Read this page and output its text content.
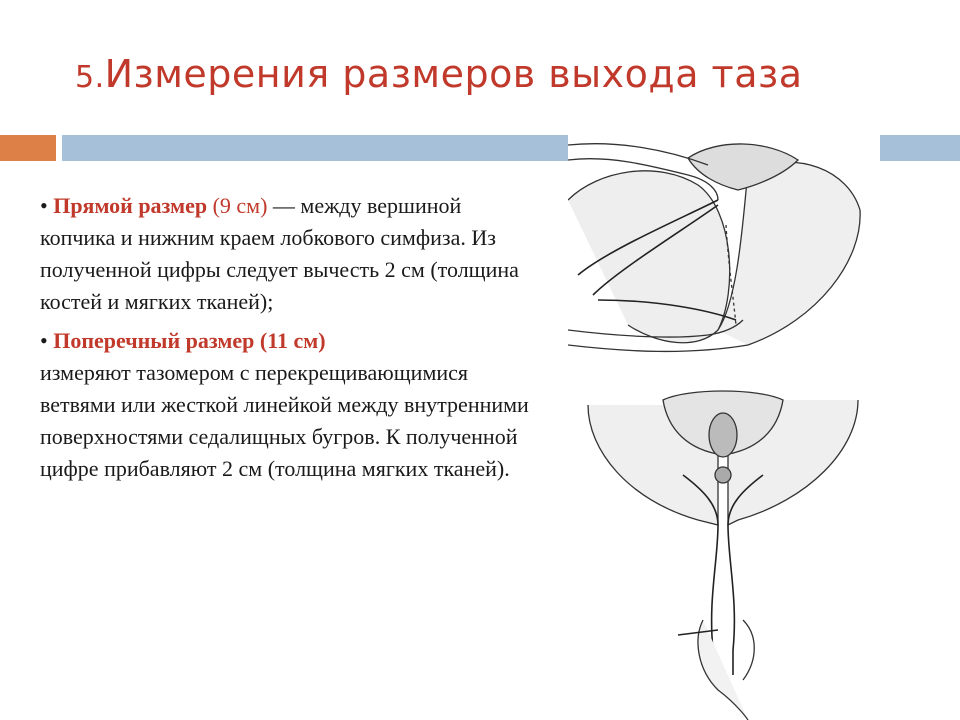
5.Измерения размеров выхода таза

• Прямой размер (9 см) — между вершиной копчика и нижним краем лобкового симфиза. Из полученной цифры следует вычесть 2 см (толщина костей и мягких тканей);

• Поперечный размер (11 см)
измеряют тазомером с перекрещивающимися ветвями или жесткой линейкой между внутренними поверхностями седалищных бугров. К полученной цифре прибавляют 2 см (толщина мягких тканей).
